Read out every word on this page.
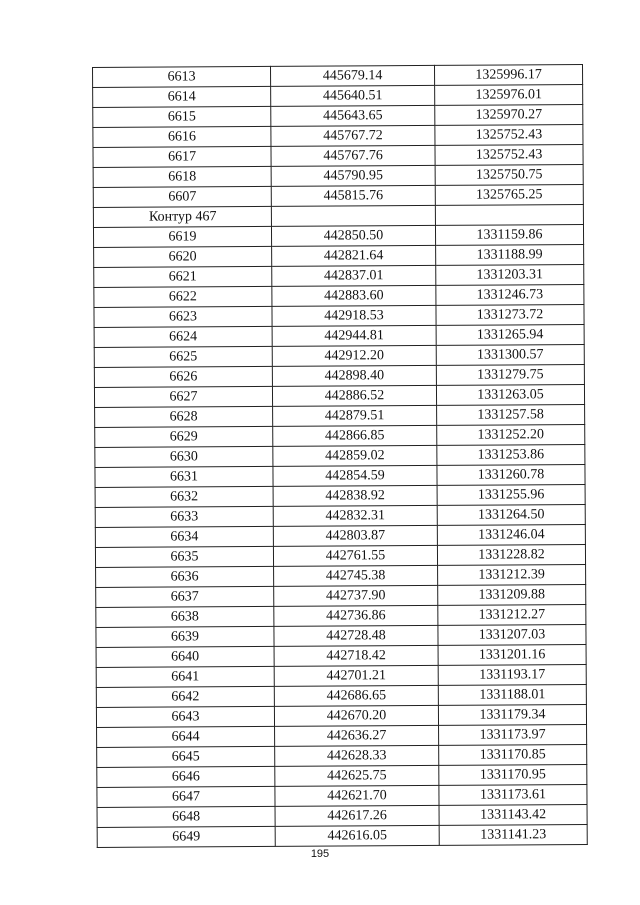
6613	445679.14	1325996.17
6614	445640.51	1325976.01
6615	445643.65	1325970.27
6616	445767.72	1325752.43
6617	445767.76	1325752.43
6618	445790.95	1325750.75
6607	445815.76	1325765.25
Контур 467		
6619	442850.50	1331159.86
6620	442821.64	1331188.99
6621	442837.01	1331203.31
6622	442883.60	1331246.73
6623	442918.53	1331273.72
6624	442944.81	1331265.94
6625	442912.20	1331300.57
6626	442898.40	1331279.75
6627	442886.52	1331263.05
6628	442879.51	1331257.58
6629	442866.85	1331252.20
6630	442859.02	1331253.86
6631	442854.59	1331260.78
6632	442838.92	1331255.96
6633	442832.31	1331264.50
6634	442803.87	1331246.04
6635	442761.55	1331228.82
6636	442745.38	1331212.39
6637	442737.90	1331209.88
6638	442736.86	1331212.27
6639	442728.48	1331207.03
6640	442718.42	1331201.16
6641	442701.21	1331193.17
6642	442686.65	1331188.01
6643	442670.20	1331179.34
6644	442636.27	1331173.97
6645	442628.33	1331170.85
6646	442625.75	1331170.95
6647	442621.70	1331173.61
6648	442617.26	1331143.42
6649	442616.05	1331141.23
195
